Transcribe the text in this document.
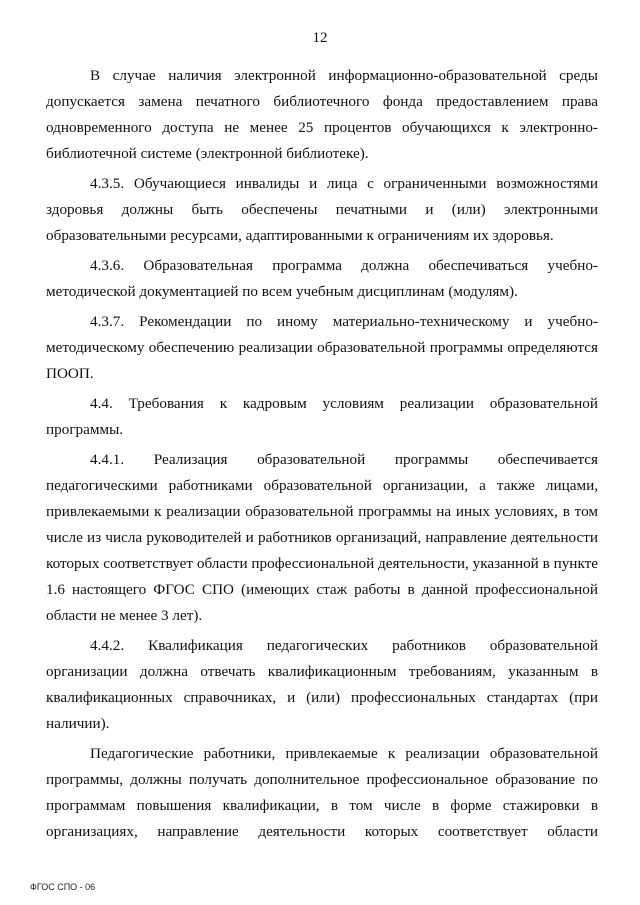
12

В случае наличия электронной информационно-образовательной среды допускается замена печатного библиотечного фонда предоставлением права одновременного доступа не менее 25 процентов обучающихся к электронно-библиотечной системе (электронной библиотеке).

4.3.5. Обучающиеся инвалиды и лица с ограниченными возможностями здоровья должны быть обеспечены печатными и (или) электронными образовательными ресурсами, адаптированными к ограничениям их здоровья.

4.3.6. Образовательная программа должна обеспечиваться учебно-методической документацией по всем учебным дисциплинам (модулям).

4.3.7. Рекомендации по иному материально-техническому и учебно-методическому обеспечению реализации образовательной программы определяются ПООП.

4.4. Требования к кадровым условиям реализации образовательной программы.

4.4.1. Реализация образовательной программы обеспечивается педагогическими работниками образовательной организации, а также лицами, привлекаемыми к реализации образовательной программы на иных условиях, в том числе из числа руководителей и работников организаций, направление деятельности которых соответствует области профессиональной деятельности, указанной в пункте 1.6 настоящего ФГОС СПО (имеющих стаж работы в данной профессиональной области не менее 3 лет).

4.4.2. Квалификация педагогических работников образовательной организации должна отвечать квалификационным требованиям, указанным в квалификационных справочниках, и (или) профессиональных стандартах (при наличии).

Педагогические работники, привлекаемые к реализации образовательной программы, должны получать дополнительное профессиональное образование по программам повышения квалификации, в том числе в форме стажировки в организациях, направление деятельности которых соответствует области

ФГОС СПО - 06
